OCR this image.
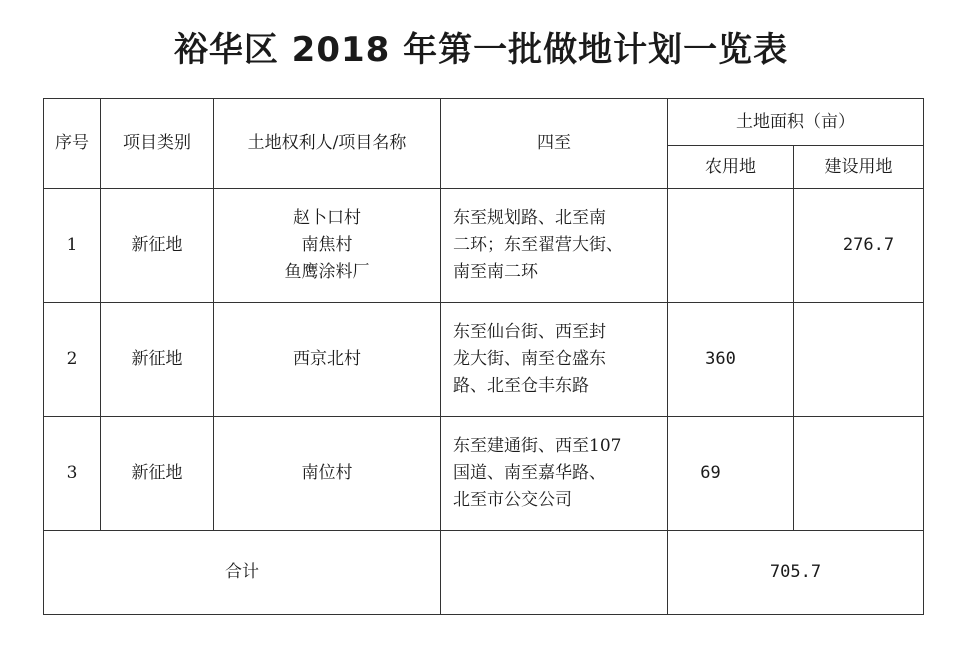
裕华区 2018 年第一批做地计划一览表
序号	项目类别	土地权利人/项目名称	四至	土地面积（亩）	
				农用地	建设用地
1	新征地	赵卜口村
南焦村
鱼鹰涂料厂	东至规划路、北至南
二环；东至翟营大街、
南至南二环		276.7
2	新征地	西京北村	东至仙台街、西至封
龙大街、南至仓盛东
路、北至仓丰东路	360	
3	新征地	南位村	东至建通街、西至107
国道、南至嘉华路、
北至市公交公司	69	
合计				705.7	
